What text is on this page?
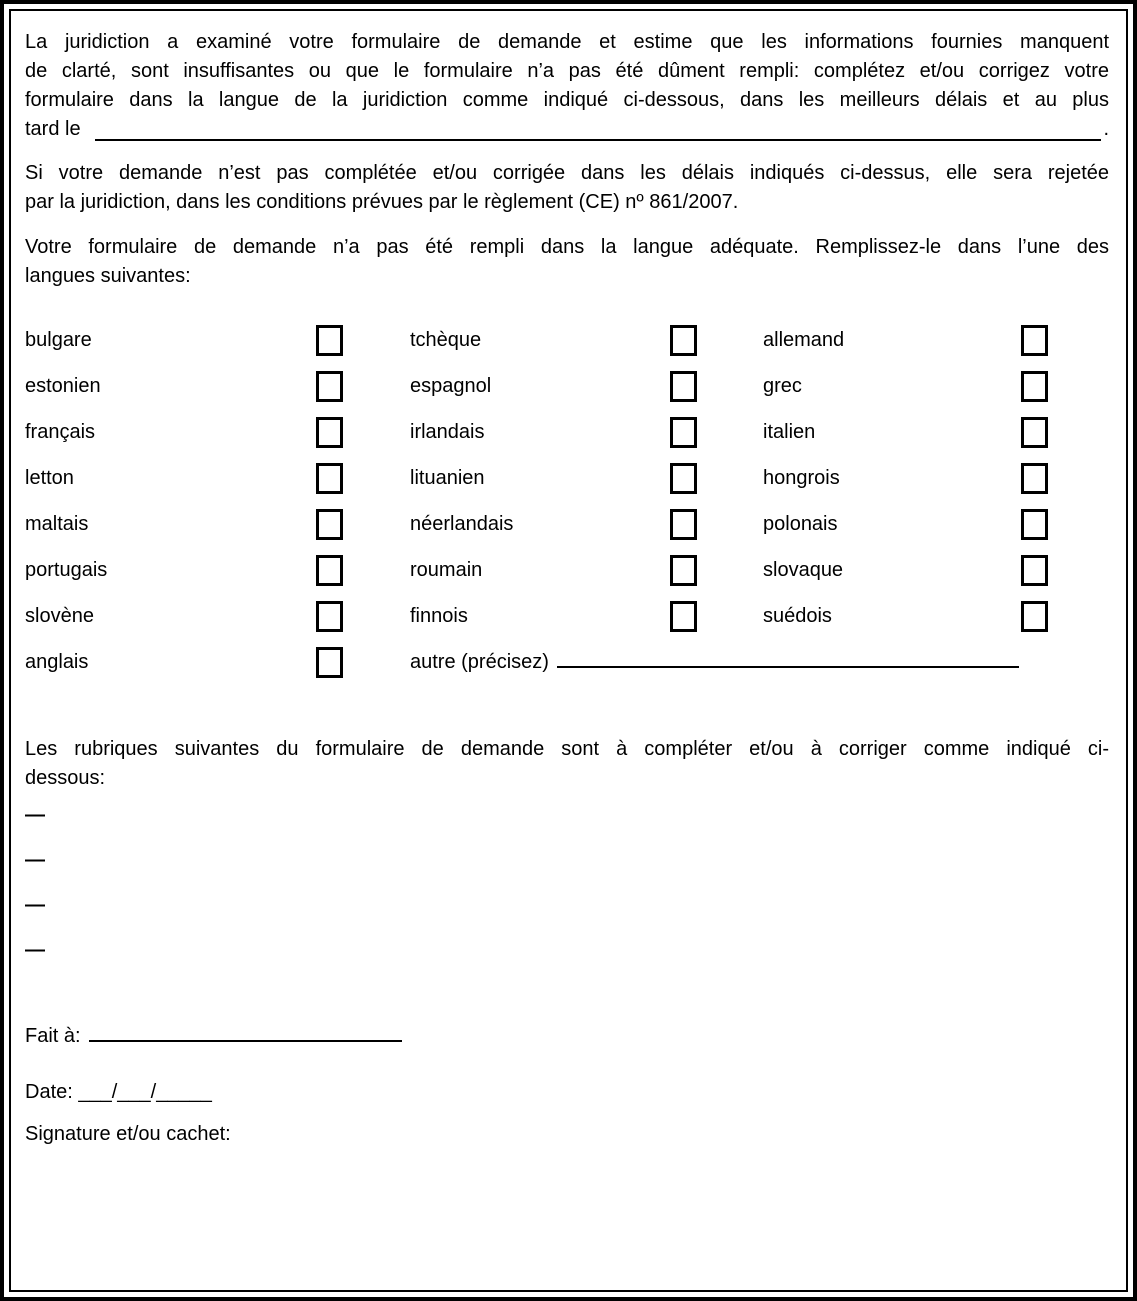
La juridiction a examiné votre formulaire de demande et estime que les informations fournies manquent
de clarté, sont insuffisantes ou que le formulaire n’a pas été dûment rempli: complétez et/ou corrigez votre
formulaire dans la langue de la juridiction comme indiqué ci-dessous, dans les meilleurs délais et au plus
tard le	.
Si votre demande n’est pas complétée et/ou corrigée dans les délais indiqués ci-dessus, elle sera rejetée
par la juridiction, dans les conditions prévues par le règlement (CE) nº 861/2007.
Votre formulaire de demande n’a pas été rempli dans la langue adéquate. Remplissez-le dans l’une des
langues suivantes:
bulgare	tchèque	allemand
estonien	espagnol	grec
français	irlandais	italien
letton	lituanien	hongrois
maltais	néerlandais	polonais
portugais	roumain	slovaque
slovène	finnois	suédois
anglais	autre (précisez)
Les rubriques suivantes du formulaire de demande sont à compléter et/ou à corriger comme indiqué ci-
dessous:
—
—
—
—
Fait à:
Date: ___/___/_____
Signature et/ou cachet:
